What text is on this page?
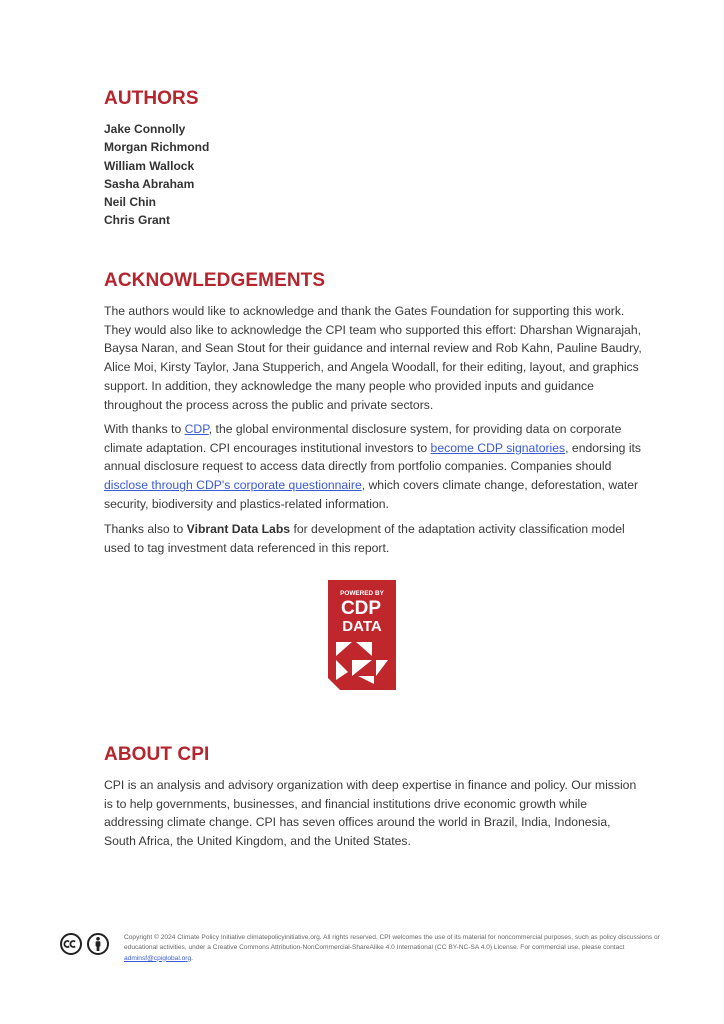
AUTHORS
Jake Connolly
Morgan Richmond
William Wallock
Sasha Abraham
Neil Chin
Chris Grant
ACKNOWLEDGEMENTS

The authors would like to acknowledge and thank the Gates Foundation for supporting this work. They would also like to acknowledge the CPI team who supported this effort: Dharshan Wignarajah, Baysa Naran, and Sean Stout for their guidance and internal review and Rob Kahn, Pauline Baudry, Alice Moi, Kirsty Taylor, Jana Stupperich, and Angela Woodall, for their editing, layout, and graphics support. In addition, they acknowledge the many people who provided inputs and guidance throughout the process across the public and private sectors.

With thanks to CDP, the global environmental disclosure system, for providing data on corporate climate adaptation. CPI encourages institutional investors to become CDP signatories, endorsing its annual disclosure request to access data directly from portfolio companies. Companies should disclose through CDP's corporate questionnaire, which covers climate change, deforestation, water security, biodiversity and plastics-related information.

Thanks also to Vibrant Data Labs for development of the adaptation activity classification model used to tag investment data referenced in this report.

POWERED BY
CDP
DATA
ABOUT CPI

CPI is an analysis and advisory organization with deep expertise in finance and policy. Our mission is to help governments, businesses, and financial institutions drive economic growth while addressing climate change. CPI has seven offices around the world in Brazil, India, Indonesia, South Africa, the United Kingdom, and the United States.

Copyright © 2024 Climate Policy Initiative climatepolicyinitiative.org. All rights reserved. CPI welcomes the use of its material for noncommercial purposes, such as policy discussions or educational activities, under a Creative Commons Attribution-NonCommercial-ShareAlike 4.0 International (CC BY-NC-SA 4.0) License. For commercial use, please contact adminsf@cpiglobal.org.
